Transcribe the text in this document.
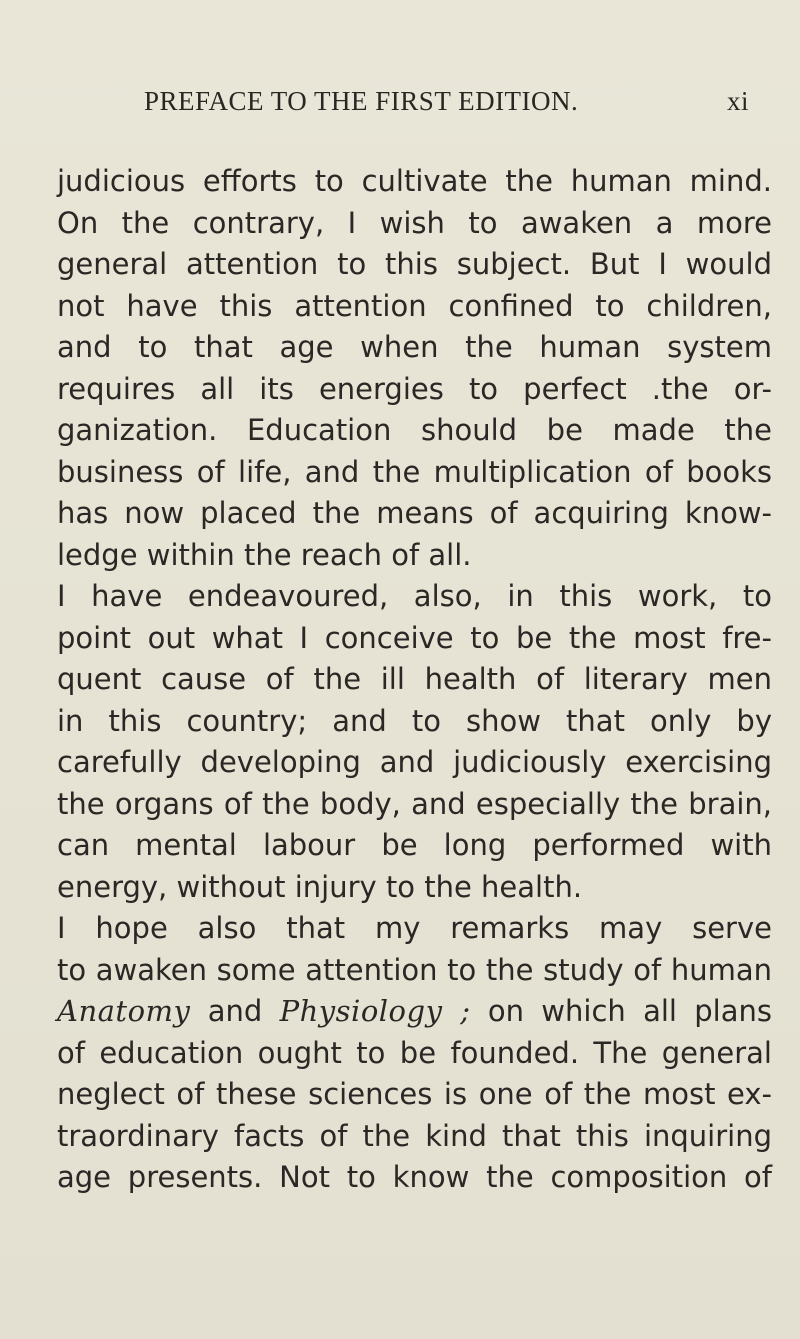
PREFACE TO THE FIRST EDITION.	xi
judicious efforts to cultivate the human mind.
On the contrary, I wish to awaken a more
general attention to this subject. But I would
not have this attention confined to children,
and to that age when the human system
requires all its energies to perfect .the or-
ganization. Education should be made the
business of life, and the multiplication of books
has now placed the means of acquiring know-
ledge within the reach of all.
I have endeavoured, also, in this work, to
point out what I conceive to be the most fre-
quent cause of the ill health of literary men
in this country; and to show that only by
carefully developing and judiciously exercising
the organs of the body, and especially the brain,
can mental labour be long performed with
energy, without injury to the health.
I hope also that my remarks may serve
to awaken some attention to the study of human
Anatomy and Physiology ; on which all plans
of education ought to be founded. The general
neglect of these sciences is one of the most ex-
traordinary facts of the kind that this inquiring
age presents. Not to know the composition of
